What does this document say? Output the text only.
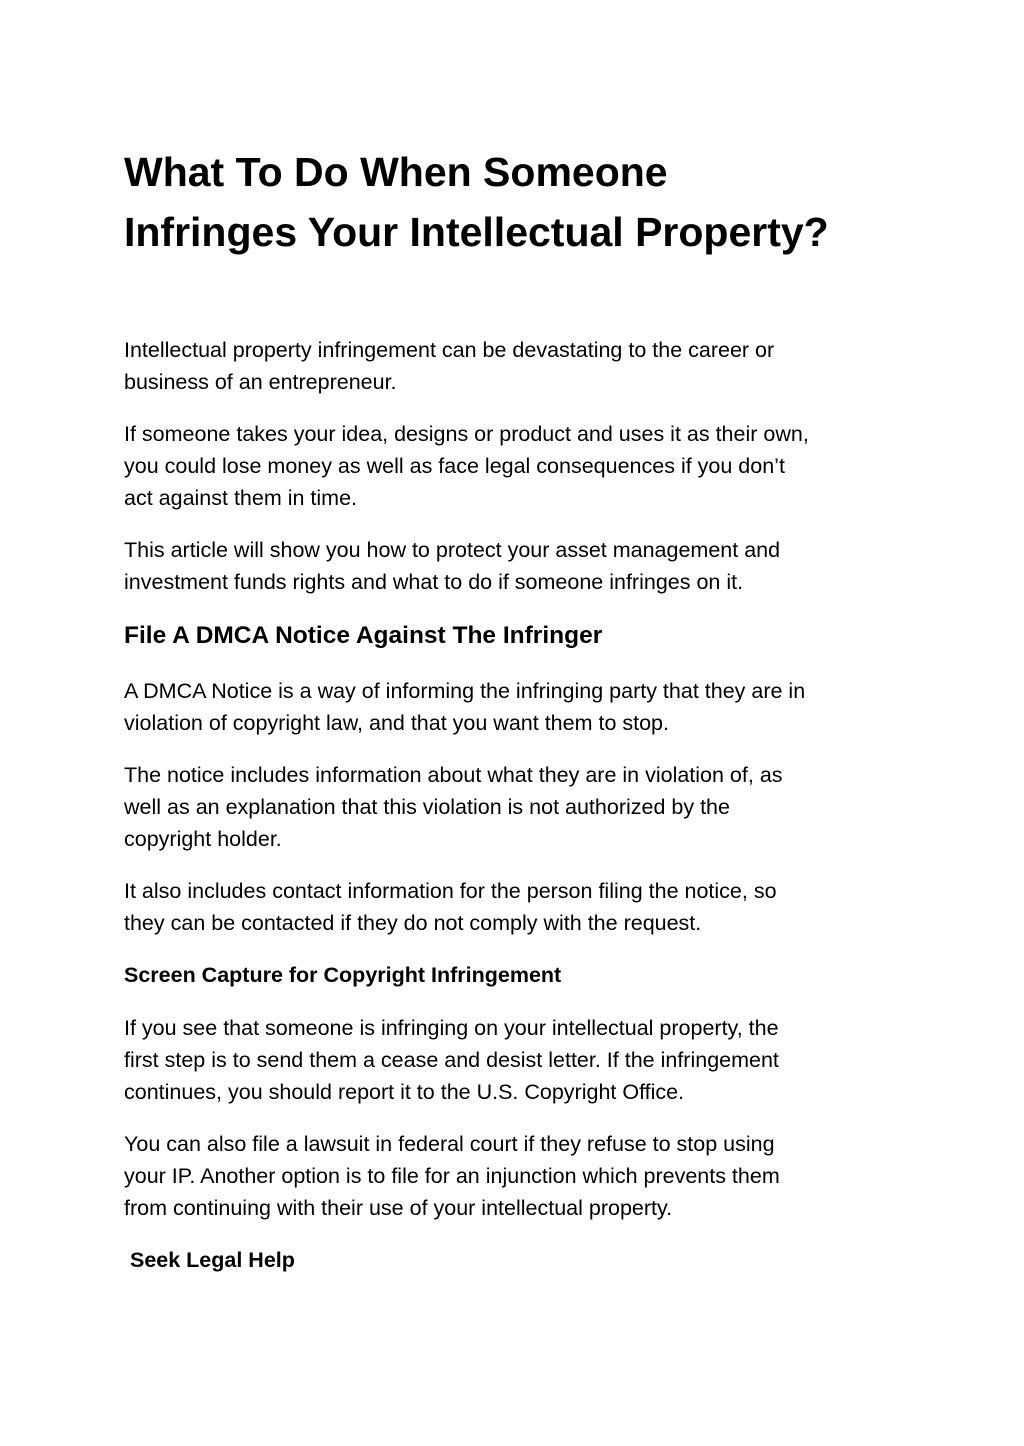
What To Do When Someone
Infringes Your Intellectual Property?

Intellectual property infringement can be devastating to the career or
business of an entrepreneur.

If someone takes your idea, designs or product and uses it as their own,
you could lose money as well as face legal consequences if you don’t
act against them in time.

This article will show you how to protect your asset management and
investment funds rights and what to do if someone infringes on it.

File A DMCA Notice Against The Infringer

A DMCA Notice is a way of informing the infringing party that they are in
violation of copyright law, and that you want them to stop.

The notice includes information about what they are in violation of, as
well as an explanation that this violation is not authorized by the
copyright holder.

It also includes contact information for the person filing the notice, so
they can be contacted if they do not comply with the request.

Screen Capture for Copyright Infringement

If you see that someone is infringing on your intellectual property, the
first step is to send them a cease and desist letter. If the infringement
continues, you should report it to the U.S. Copyright Office.

You can also file a lawsuit in federal court if they refuse to stop using
your IP. Another option is to file for an injunction which prevents them
from continuing with their use of your intellectual property.

Seek Legal Help
